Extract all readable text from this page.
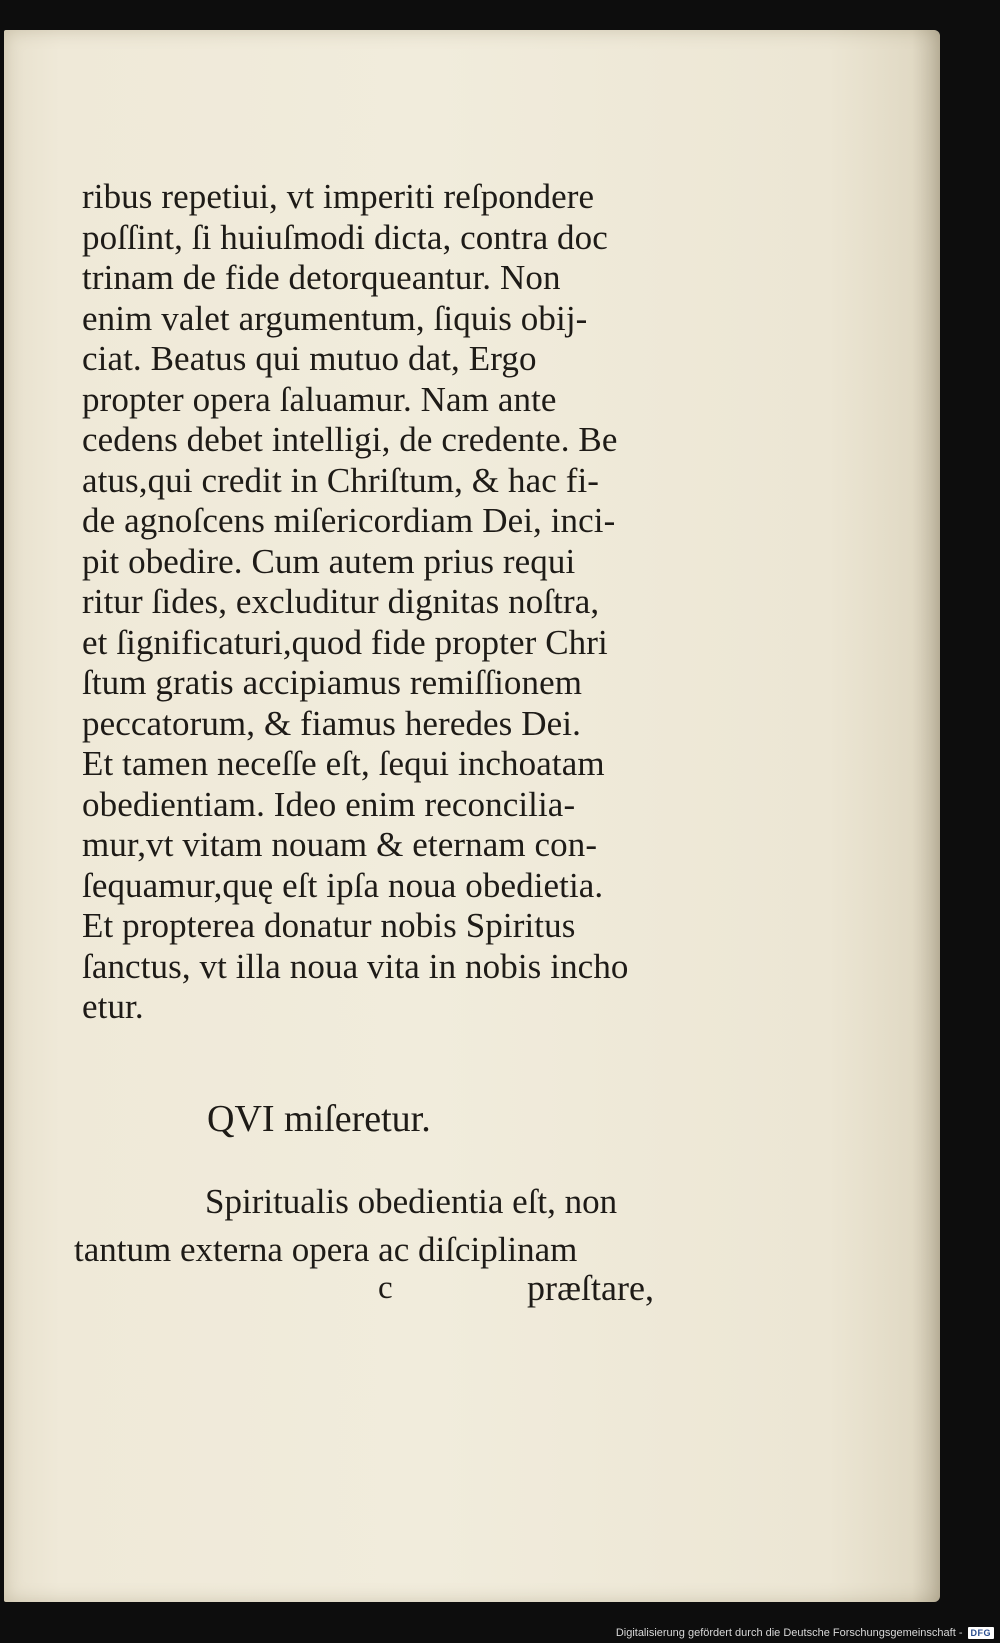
ribus repetiui, vt imperiti reſpondere
poſſint, ſi huiuſmodi dicta, contra doc
trinam de fide detorqueantur. Non
enim valet argumentum, ſiquis obij-
ciat. Beatus qui mutuo dat, Ergo
propter opera ſaluamur. Nam ante
cedens debet intelligi, de credente. Be
atus,qui credit in Chriſtum, & hac fi-
de agnoſcens miſericordiam Dei, inci-
pit obedire. Cum autem prius requi
ritur ſides, excluditur dignitas noſtra,
et ſignificaturi,quod fide propter Chri
ſtum gratis accipiamus remiſſionem
peccatorum, & fiamus heredes Dei.
Et tamen neceſſe eſt, ſequi inchoatam
obedientiam. Ideo enim reconcilia-
mur,vt vitam nouam & eternam con-
ſequamur,quę eſt ipſa noua obedietia.
Et propterea donatur nobis Spiritus
ſanctus, vt illa noua vita in nobis incho
etur.
QVI miſeretur.
Spiritualis obedientia eſt, non
tantum externa opera ac diſciplinam
c	præſtare,
Digitalisierung gefördert durch die Deutsche Forschungsgemeinschaft - DFG
